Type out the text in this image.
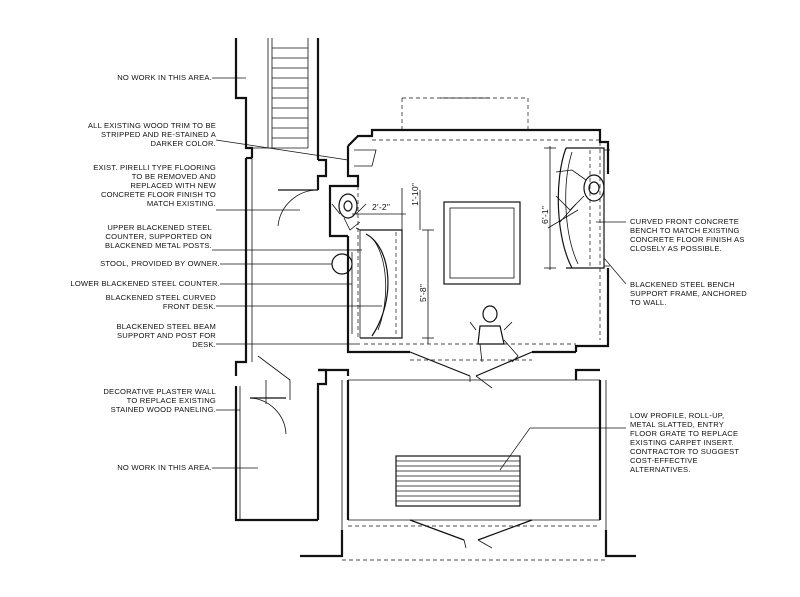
2'-2"
1'-10"
5'-8"
6'-1"
NO WORK IN THIS AREA.
ALL EXISTING WOOD TRIM TO BE
STRIPPED AND RE-STAINED A
DARKER COLOR.
EXIST. PIRELLI TYPE FLOORING
TO BE REMOVED AND
REPLACED WITH NEW
CONCRETE FLOOR FINISH TO
MATCH EXISTING.
UPPER BLACKENED STEEL
COUNTER, SUPPORTED ON
BLACKENED METAL POSTS.
STOOL, PROVIDED BY OWNER.
LOWER BLACKENED STEEL COUNTER.
BLACKENED STEEL CURVED
FRONT DESK.
BLACKENED STEEL BEAM
SUPPORT AND POST FOR
DESK.
DECORATIVE PLASTER WALL
TO REPLACE EXISTING
STAINED WOOD PANELING.
NO WORK IN THIS AREA.
CURVED FRONT CONCRETE
BENCH TO MATCH EXISTING
CONCRETE FLOOR FINISH AS
CLOSELY AS POSSIBLE.
BLACKENED STEEL BENCH
SUPPORT FRAME, ANCHORED
TO WALL.
LOW PROFILE, ROLL-UP,
METAL SLATTED, ENTRY
FLOOR GRATE TO REPLACE
EXISTING CARPET INSERT.
CONTRACTOR TO SUGGEST
COST-EFFECTIVE
ALTERNATIVES.
